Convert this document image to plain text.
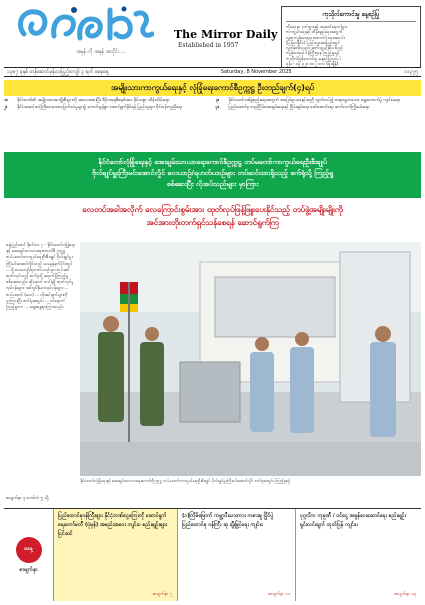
အမှန် ကို အမှန် အတိုင်း ...
The Mirror Daily
Established in 1957
ကုသိုလ်ကောင်းမှု နေ့စဉ်ပြု
ကိုရောနာ ငှက်ဖျားနှင့် အဆုတ်ရောဂါများ
ကာကွယ်ရေးနှင့် ထိန်းချုပ်ရေးအတွက်
လူထုကျန်းမာရေး ထောက်ပံ့ရေးအသင်း
(မြန်မာနိုင်ငံ) ပြည်သူ့ဆေးရုံများတွင်
လှူဒါန်းလိုသူများ ဆက်သွယ်နိုင်ပါသည်
ကျန်းမာရေး ဝန်ကြီးဌာန ကြည့်ရှုရန်
ကုသိုလ်ဖြစ်ကောင်းမှု နေ့စဉ်ပြုလုပ်ပါ
ဖုန်း - ၀၉ ၄၂၀ ၀၁၂ ၁၁၁ (ရုံးချိန်)
၁၃၈၇ ခုနှစ် တန်ဆောင်မုန်းလပြည့်ကျော် ၃ ရက် စနေနေ့	Saturday, 8 November 2025	၁၁၃၇၅
အမျိုးသားကာကွယ်ရေးနှင့် လုံခြုံရေးကောင်စီဥက္ကဋ္ဌ ဦးတည်ချက်(၄)ရပ်
၁။	နိုင်ငံတော်၏ အမျိုးသားအကျိုးစီးပွားကို အလေးထားပြီး ဒီမိုကရေစီစနစ်အား ခိုင်မာစွာ ထိန်းသိမ်းရေး
၂။	နိုင်ငံအဆင့်ဆင့်ကြီးမားသောပြောင်းလဲမှုများ၌ ကောင်းမွန်စွာ ဆောင်ရွက်နိုင်ရန် ပြည်သူများ ဝိုင်းဝန်းကူညီရေး
၃။	နိုင်ငံတော်သစ်ဖွဲ့စည်းရေးအတွက် အခြေခံဥပဒေနှင့်အညီ လွတ်လပ်၍ တရားမျှတသော ရွေးကောက်ပွဲ ကျင်းပရေး
၄။	ပြည်ထောင်စု တည်ငြိမ်အေးချမ်းရေးနှင့် ငြိမ်းချမ်းရေး ဖော်ဆောင်ရေး ဆက်လက်ကြိုးပမ်းရေး
နိုင်ငံတော်လုံခြုံရေးနှင့် အေးချမ်းသာယာရေးကောင်စီဥက္ကဋ္ဌ တပ်မတော်ကာကွယ်ရေးဦးစီးချုပ်
ဗိုလ်ချုပ်မှူးကြီးမင်းအောင်လှိုင် လေယာဉ်/ရဟတ်ယာဉ်များ တပ်ဆင်ထားရှိသည့် စက်ရုံသို့ ကြည့်ရှု
စစ်ဆေးပြီး လိုအပ်သည်များ မှာကြား
လေတပ်အခါအလိုက် လေကြောင်းစွမ်းအား ထုတ်လုပ်ဖြန့်ဖြူးပေးနိုင်သည့် တပ်ဖွဲ့အမျိုးမျိုးကို
အင်အားတိုးတက်ရှင်သန်စေရန် ဆောင်ရွက်ကြ
နေပြည်တော် နိုဝင်ဘာ ၇ - နိုင်ငံတော်လုံခြုံရေးနှင့် အေးချမ်းသာယာရေးကောင်စီ ဥက္ကဋ္ဌ တပ်မတော်ကာကွယ်ရေးဦးစီးချုပ် ဗိုလ်ချုပ်မှူးကြီးမင်းအောင်လှိုင်သည် ယနေ့နံနက်ပိုင်းတွင် ... ရှိ လေယာဉ်/ရဟတ်ယာဉ်များ တပ်ဆင်ထုတ်လုပ်သည့် စက်ရုံသို့ ရောက်ရှိကြည့်ရှု စစ်ဆေးသည်။ ထိုနောက် စက်ရုံရှိ ထုတ်လုပ်မှုလုပ်ငန်းများ၊ အင်ဂျင်နီယာလုပ်ငန်းများ ... တပ်မတော် (လေ) ... လိုအပ်ချက်များကို မှာကြားပြီး စက်ရုံအတွင်း ... ဝင်ရောက်ကြည့်ရှုကာ ... ဆွေးနွေးမှာကြားသည်။
နိုင်ငံတော်လုံခြုံရေးနှင့် အေးချမ်းသာယာရေးကောင်စီဥက္ကဋ္ဌ တပ်မတော်ကာကွယ်ရေးဦးစီးချုပ် ဗိုလ်ချုပ်မှူးကြီးမင်းအောင်လှိုင် စက်ရုံအတွင်း ကြည့်ရှုစဉ်
စာမျက်နှာ ၃ ကော်လံ ၅ သို့
မနေ့
စာမျက်နှာ
ပြည်ထောင်စုဝန်ကြီးများ နိုင်ငံ့ဘဏ်ငွေကြေးကို ဆောင်ရွက်ရေးကော်မတီ (ပုံမှန်) အစည်းအဝေး ကျင်းပ စည်းမျဉ်းများ ပြင်ဆင်
စာမျက်နှာ ၇
(၁)ကြိမ်မြောက် ကမ္ဘာ့ပီးယားကား ကစားမှု ပြိုင်ပွဲ ပြည်ထောင်စု ဝန်ကြီး ဆု ချီးမြှင့်ရေး ကျင်းပ
စာမျက်နှာ ၁၁
ပုဂ္ဂလိက ကုမ္ပဏီ / ဝင်ငွေ အခွန်ပေးဆောင်ရေး စည်းမျဉ်း ရှင်းလင်းချက် ထုတ်ပြန် ကျင်းပ
စာမျက်နှာ ၁၃
